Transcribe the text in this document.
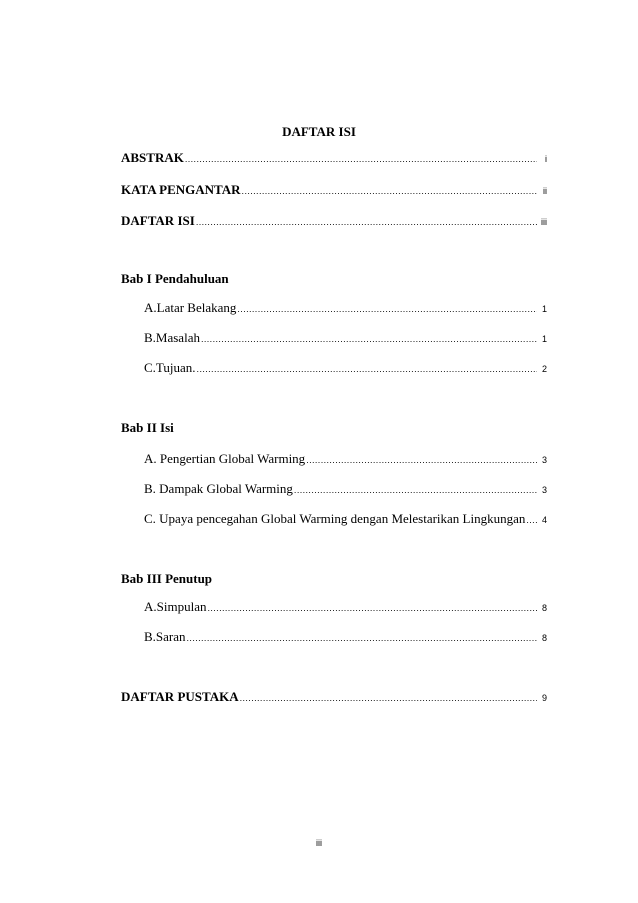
DAFTAR ISI
ABSTRAK .....	i
KATA PENGANTAR .....	ii
DAFTAR ISI .....	iii
Bab I Pendahuluan
A.Latar Belakang .....	1
B.Masalah .....	1
C.Tujuan. .....	2
Bab II Isi
A. Pengertian Global Warming .....	3
B. Dampak Global Warming .....	3
C. Upaya pencegahan Global Warming dengan Melestarikan Lingkungan .....	4
Bab III Penutup
A.Simpulan .....	8
B.Saran .....	8
DAFTAR PUSTAKA .....	9
iii
